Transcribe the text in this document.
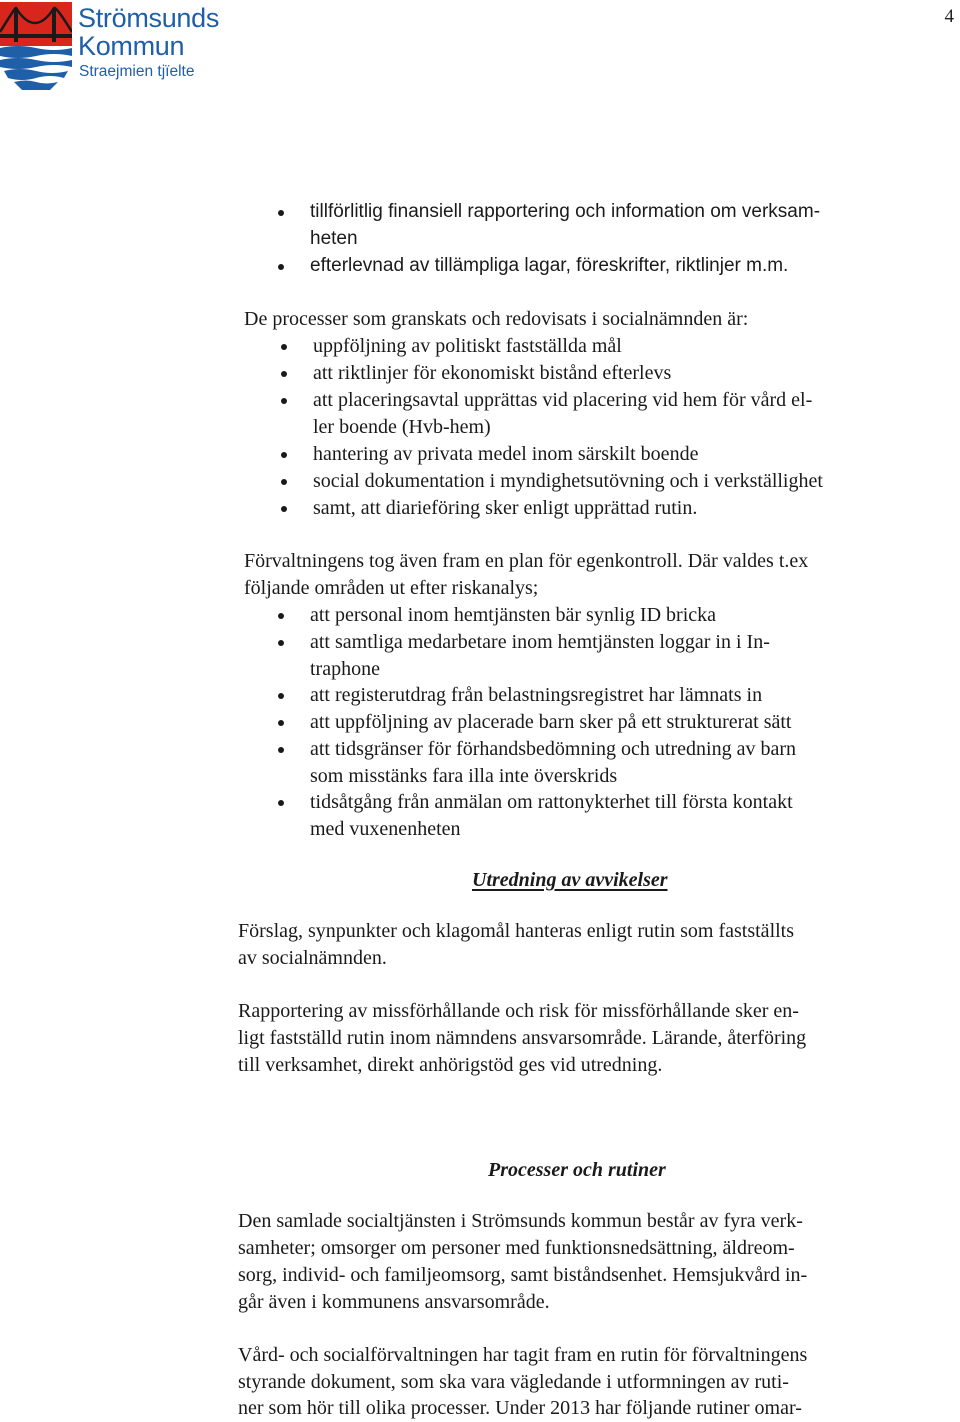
4
Strömsunds
Kommun
Straejmien tjïelte
tillförlitlig finansiell rapportering och information om verksam-
heten
efterlevnad av tillämpliga lagar, föreskrifter, riktlinjer m.m.
De processer som granskats och redovisats i socialnämnden är:
uppföljning av politiskt fastställda mål
att riktlinjer för ekonomiskt bistånd efterlevs
att placeringsavtal upprättas vid placering vid hem för vård el-
ler boende (Hvb-hem)
hantering av privata medel inom särskilt boende
social dokumentation i myndighetsutövning och i verkställighet
samt, att diarieföring sker enligt upprättad rutin.
Förvaltningens tog även fram en plan för egenkontroll. Där valdes t.ex
följande områden ut efter riskanalys;
att personal inom hemtjänsten bär synlig ID bricka
att samtliga medarbetare inom hemtjänsten loggar in i In-
traphone
att registerutdrag från belastningsregistret har lämnats in
att uppföljning av placerade barn sker på ett strukturerat sätt
att tidsgränser för förhandsbedömning och utredning av barn
som misstänks fara illa inte överskrids
tidsåtgång från anmälan om rattonykterhet till första kontakt
med vuxenenheten
Utredning av avvikelser
Förslag, synpunkter och klagomål hanteras enligt rutin som fastställts
av socialnämnden.
Rapportering av missförhållande och risk för missförhållande sker en-
ligt fastställd rutin inom nämndens ansvarsområde. Lärande, återföring
till verksamhet, direkt anhörigstöd ges vid utredning.
Processer och rutiner
Den samlade socialtjänsten i Strömsunds kommun består av fyra verk-
samheter; omsorger om personer med funktionsnedsättning, äldreom-
sorg, individ- och familjeomsorg, samt biståndsenhet. Hemsjukvård in-
går även i kommunens ansvarsområde.
Vård- och socialförvaltningen har tagit fram en rutin för förvaltningens
styrande dokument, som ska vara vägledande i utformningen av ruti-
ner som hör till olika processer. Under 2013 har följande rutiner omar-
